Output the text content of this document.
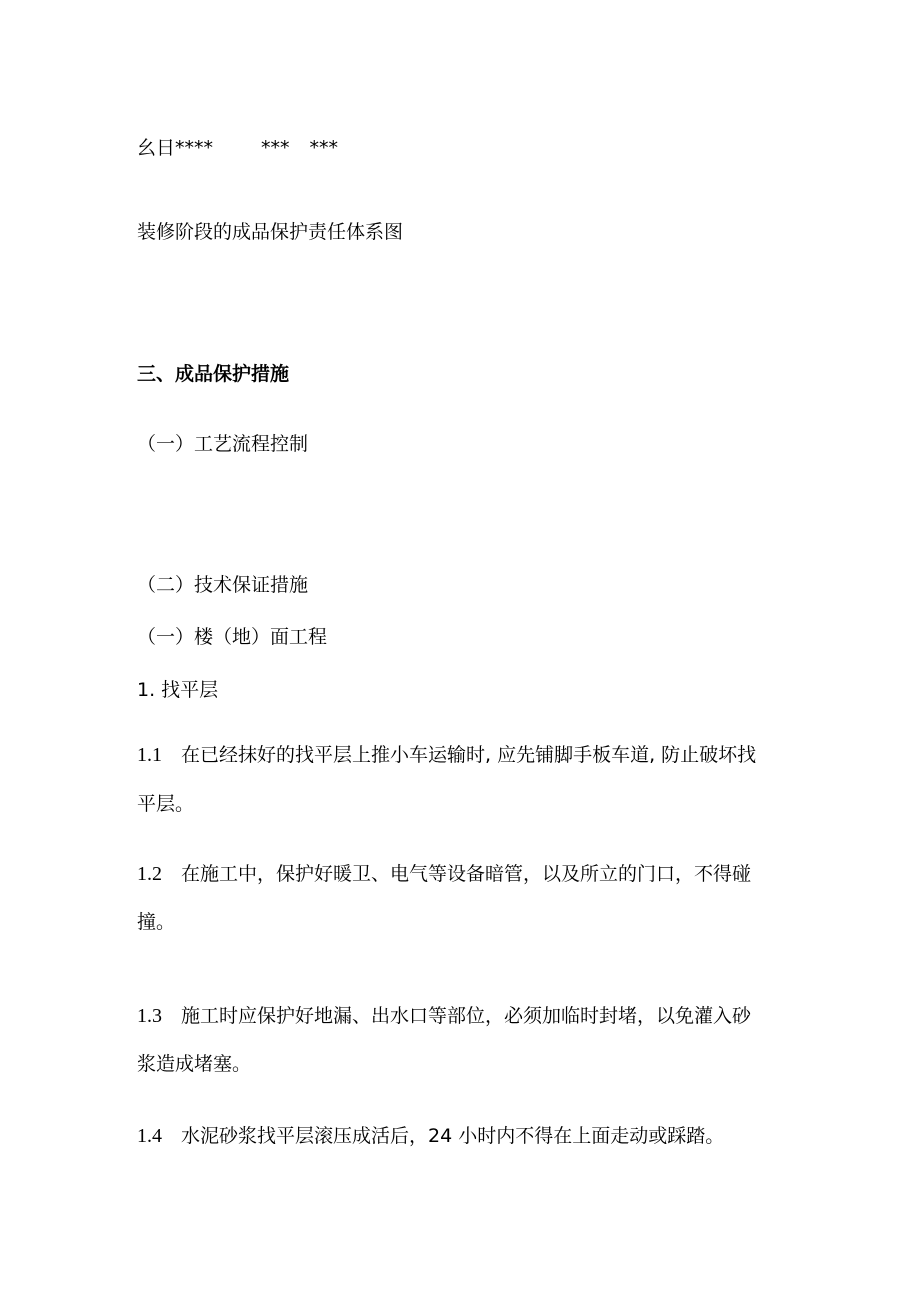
幺日****	*** ***
装修阶段的成品保护责任体系图
三、成品保护措施
（一）工艺流程控制
（二）技术保证措施
（一）楼（地）面工程
1. 找平层
1.1 在已经抹好的找平层上推小车运输时, 应先铺脚手板车道, 防止破坏找
平层。
1.2 在施工中，保护好暖卫、电气等设备暗管，以及所立的门口，不得碰
撞。
1.3 施工时应保护好地漏、出水口等部位，必须加临时封堵，以免灌入砂
浆造成堵塞。
1.4 水泥砂浆找平层滚压成活后，24 小时内不得在上面走动或踩踏。
